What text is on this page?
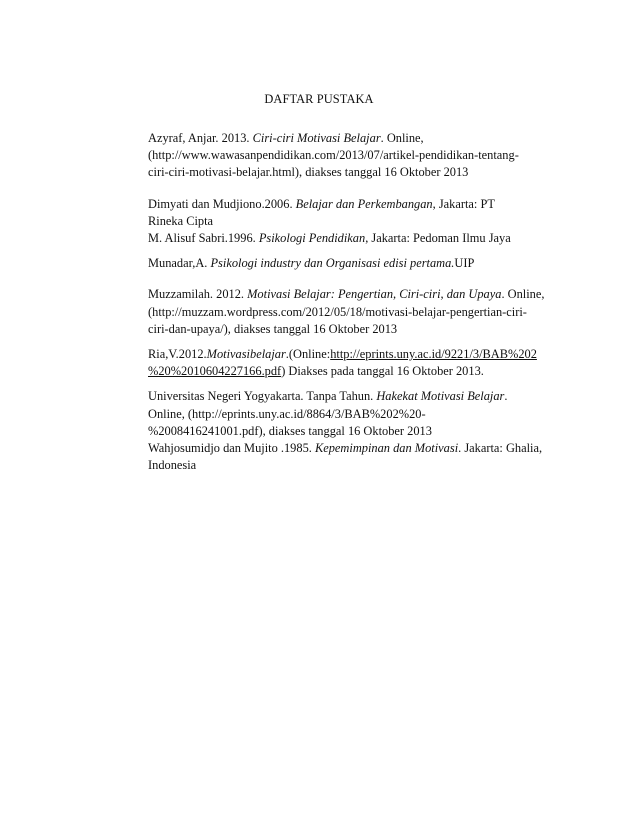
DAFTAR PUSTAKA

Azyraf, Anjar. 2013. Ciri-ciri Motivasi Belajar. Online,
(http://www.wawasanpendidikan.com/2013/07/artikel-pendidikan-tentang-
ciri-ciri-motivasi-belajar.html), diakses tanggal 16 Oktober 2013

Dimyati dan Mudjiono.2006. Belajar dan Perkembangan, Jakarta: PT
Rineka Cipta

M. Alisuf Sabri.1996. Psikologi Pendidikan, Jakarta: Pedoman Ilmu Jaya

Munadar,A. Psikologi industry dan Organisasi edisi pertama.UIP

Muzzamilah. 2012. Motivasi Belajar: Pengertian, Ciri-ciri, dan Upaya. Online,
(http://muzzam.wordpress.com/2012/05/18/motivasi-belajar-pengertian-ciri-
ciri-dan-upaya/), diakses tanggal 16 Oktober 2013

Ria,V.2012.Motivasibelajar.(Online:http://eprints.uny.ac.id/9221/3/BAB%202
%20%2010604227166.pdf) Diakses pada tanggal 16 Oktober 2013.

Universitas Negeri Yogyakarta. Tanpa Tahun. Hakekat Motivasi Belajar.
Online, (http://eprints.uny.ac.id/8864/3/BAB%202%20-
%2008416241001.pdf), diakses tanggal 16 Oktober 2013

Wahjosumidjo dan Mujito .1985. Kepemimpinan dan Motivasi. Jakarta: Ghalia,
Indonesia
